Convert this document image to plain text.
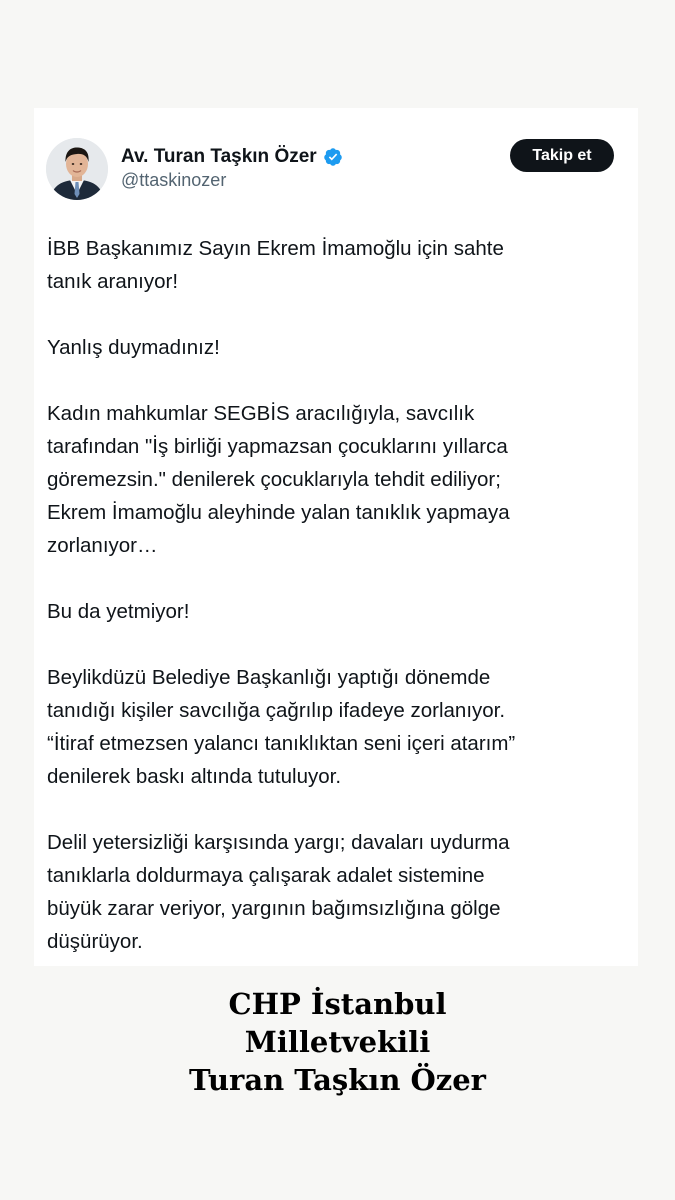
Av. Turan Taşkın Özer
@ttaskinozer
Takip et
İBB Başkanımız Sayın Ekrem İmamoğlu için sahte
tanık aranıyor!
Yanlış duymadınız!
Kadın mahkumlar SEGBİS aracılığıyla, savcılık
tarafından "İş birliği yapmazsan çocuklarını yıllarca
göremezsin." denilerek çocuklarıyla tehdit ediliyor;
Ekrem İmamoğlu aleyhinde yalan tanıklık yapmaya
zorlanıyor…
Bu da yetmiyor!
Beylikdüzü Belediye Başkanlığı yaptığı dönemde
tanıdığı kişiler savcılığa çağrılıp ifadeye zorlanıyor.
“İtiraf etmezsen yalancı tanıklıktan seni içeri atarım”
denilerek baskı altında tutuluyor.
Delil yetersizliği karşısında yargı; davaları uydurma
tanıklarla doldurmaya çalışarak adalet sistemine
büyük zarar veriyor, yargının bağımsızlığına gölge
düşürüyor.
CHP İstanbul
Milletvekili
Turan Taşkın Özer
